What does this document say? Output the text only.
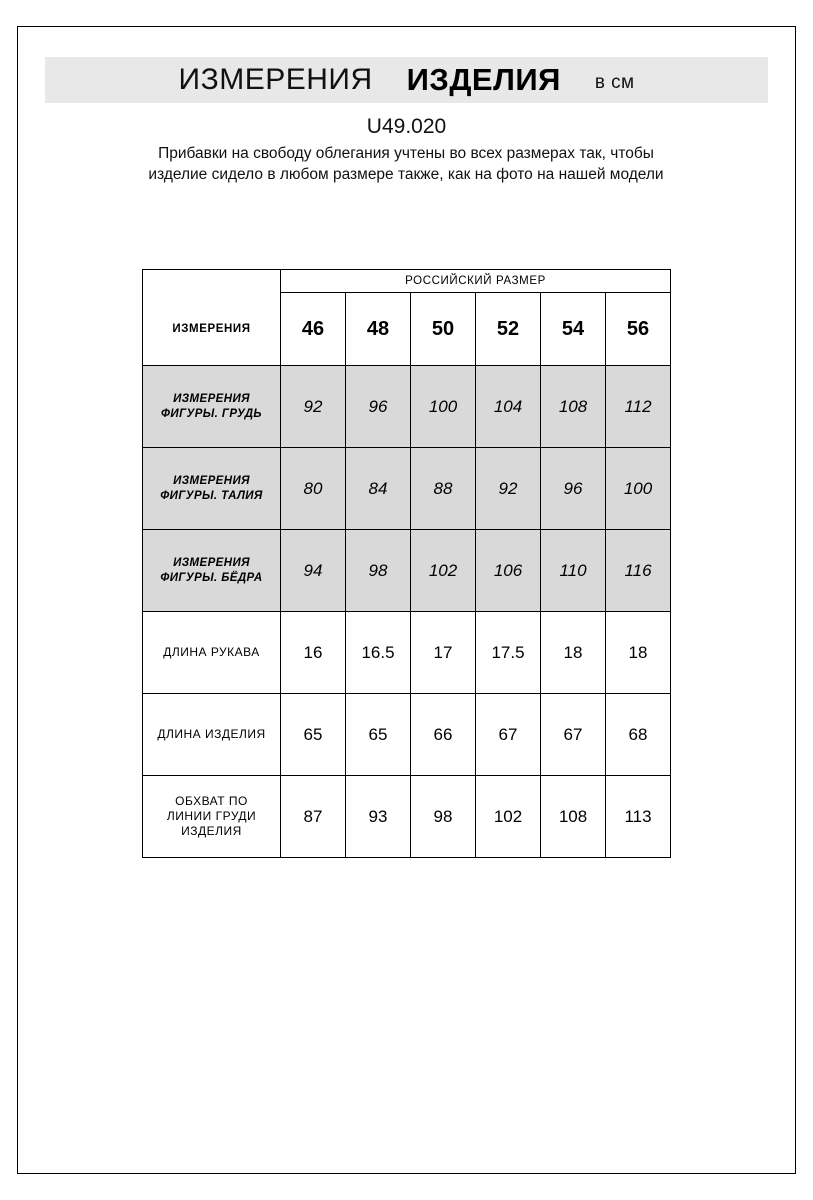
ИЗМЕРЕНИЯ ИЗДЕЛИЯ в см
U49.020
Прибавки на свободу облегания учтены во всех размерах так, чтобы изделие сидело в любом размере также, как на фото на нашей модели
	РОССИЙСКИЙ РАЗМЕР					
ИЗМЕРЕНИЯ	46	48	50	52	54	56

ИЗМЕРЕНИЯ
ФИГУРЫ. ГРУДЬ	92	96	100	104	108	112

ИЗМЕРЕНИЯ
ФИГУРЫ. ТАЛИЯ	80	84	88	92	96	100

ИЗМЕРЕНИЯ
ФИГУРЫ. БЁДРА	94	98	102	106	110	116

ДЛИНА РУКАВА	16	16.5	17	17.5	18	18

ДЛИНА ИЗДЕЛИЯ	65	65	66	67	67	68

ОБХВАТ ПО
ЛИНИИ ГРУДИ
ИЗДЕЛИЯ	87	93	98	102	108	113
